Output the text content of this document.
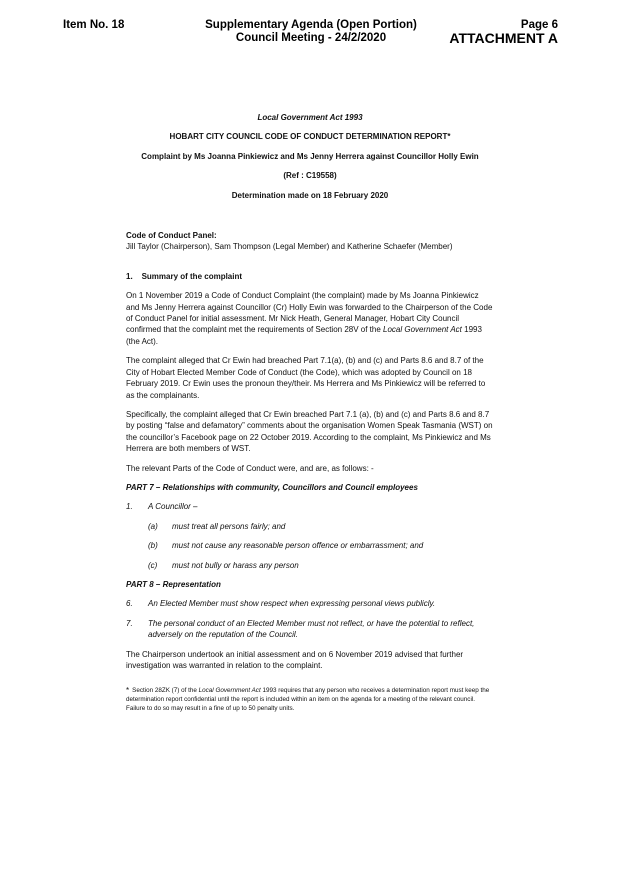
Item No. 18	Supplementary Agenda (Open Portion)
Council Meeting - 24/2/2020
Page 6
ATTACHMENT A
Local Government Act 1993
HOBART CITY COUNCIL CODE OF CONDUCT DETERMINATION REPORT*
Complaint by Ms Joanna Pinkiewicz and Ms Jenny Herrera against Councillor Holly Ewin
(Ref : C19558)
Determination made on 18 February 2020
Code of Conduct Panel:
Jill Taylor (Chairperson), Sam Thompson (Legal Member) and Katherine Schaefer (Member)
1.    Summary of the complaint
On 1 November 2019 a Code of Conduct Complaint (the complaint) made by Ms Joanna Pinkiewicz and Ms Jenny Herrera against Councillor (Cr) Holly Ewin was forwarded to the Chairperson of the Code of Conduct Panel for initial assessment. Mr Nick Heath, General Manager, Hobart City Council confirmed that the complaint met the requirements of Section 28V of the Local Government Act 1993 (the Act).
The complaint alleged that Cr Ewin had breached Part 7.1(a), (b) and (c) and Parts 8.6 and 8.7 of the City of Hobart Elected Member Code of Conduct (the Code), which was adopted by Council on 18 February 2019. Cr Ewin uses the pronoun they/their. Ms Herrera and Ms Pinkiewicz will be referred to as the complainants.
Specifically, the complaint alleged that Cr Ewin breached Part 7.1 (a), (b) and (c) and Parts 8.6 and 8.7 by posting “false and defamatory” comments about the organisation Women Speak Tasmania (WST) on the councillor’s Facebook page on 22 October 2019. According to the complaint, Ms Pinkiewicz and Ms Herrera are both members of WST.
The relevant Parts of the Code of Conduct were, and are, as follows: -
PART 7 – Relationships with community, Councillors and Council employees
1.	A Councillor –
(a)	must treat all persons fairly; and
(b)	must not cause any reasonable person offence or embarrassment; and
(c)	must not bully or harass any person
PART 8 – Representation
6.	An Elected Member must show respect when expressing personal views publicly.
7.	The personal conduct of an Elected Member must not reflect, or have the potential to reflect, adversely on the reputation of the Council.
The Chairperson undertook an initial assessment and on 6 November 2019 advised that further investigation was warranted in relation to the complaint.
* Section 28ZK (7) of the Local Government Act 1993 requires that any person who receives a determination report must keep the determination report confidential until the report is included within an item on the agenda for a meeting of the relevant council. Failure to do so may result in a fine of up to 50 penalty units.
